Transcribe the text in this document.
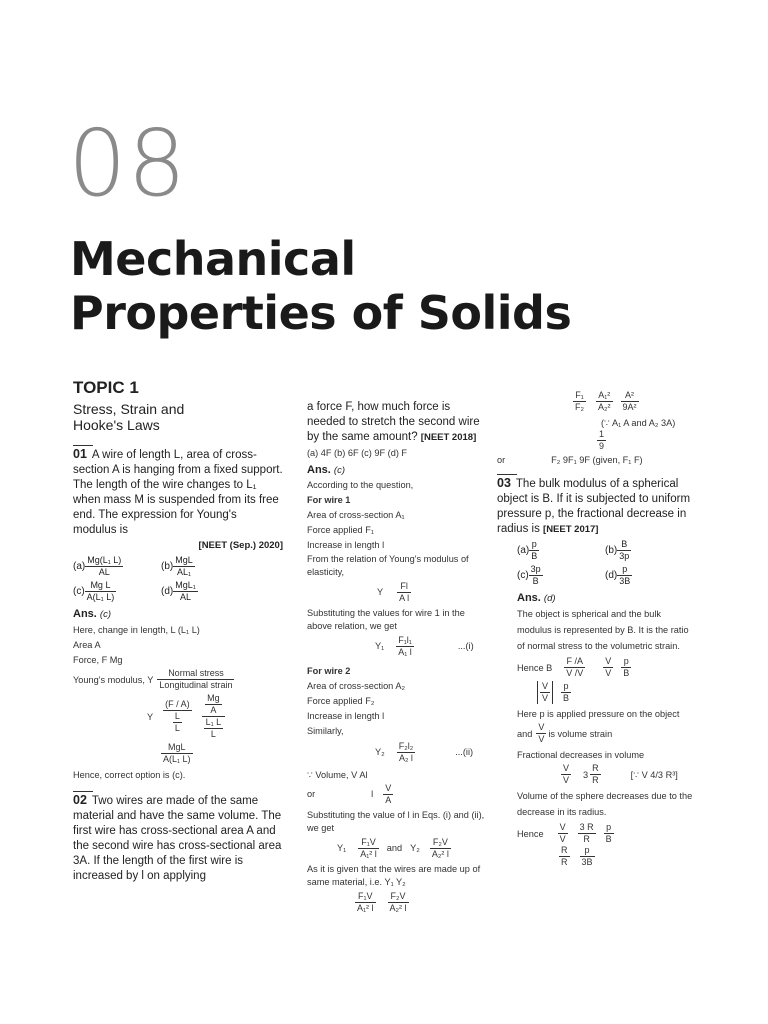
08
Mechanical
Properties of Solids
TOPIC 1
Stress, Strain and
Hooke's Laws
01 A wire of length L, area of cross-section A is hanging from a fixed support. The length of the wire changes to L₁ when mass M is suspended from its free end. The expression for Young's modulus is
[NEET (Sep.) 2020]
$(a) \frac{\text{Mg(L₁ L)}}{AL}$	$(b) \frac{\text{MgL}}{\text{AL₁}}$
$(c) \frac{\text{Mg L}}{\text{A(L₁ L)}}$	$(d) \frac{\text{MgL₁}}{AL}$
Ans. (c)
Here, change in length, L (L₁ L)
Area A
Force, F Mg
Young's modulus, Y $\frac{\text{Normal stress}}{\text{Longitudinal strain}}$
Y $\frac{(F / A)}{\frac{L}{L}} \frac{\frac{Mg}{A}}{\frac{\text{L₁ L}}{L}}$
$\frac{\text{MgL}}{\text{A(L₁ L)}}$
Hence, correct option is (c).
02 Two wires are made of the same material and have the same volume. The first wire has cross-sectional area A and the second wire has cross-sectional area 3A. If the length of the first wire is increased by l on applying
a force F, how much force is needed to stretch the second wire by the same amount? [NEET 2018]
(a) 4F (b) 6F (c) 9F (d) F
Ans. (c)
According to the question,
For wire 1
Area of cross-section A₁
Force applied F₁
Increase in length l
From the relation of Young's modulus of elasticity,
Y $\frac{Fl}{\text{A l}}$
Substituting the values for wire 1 in the above relation, we get
$Y_1 \frac{\text{F₁l₁}}{\text{A₁ l}}$	...(i)
For wire 2
Area of cross-section A₂
Force applied F₂
Increase in length l
Similarly,
$Y_2 \frac{\text{F₂l₂}}{\text{A₂ l}}$	...(ii)
∵ Volume, V Al
or	l $\frac{V}{A}$
Substituting the value of l in Eqs. (i) and (ii), we get
$Y_1 \frac{\text{F₁V}}{\text{A₁² l}}$ and $Y_2 \frac{\text{F₂V}}{\text{A₂² l}}$
As it is given that the wires are made up of same material, i.e. Y₁ Y₂
$\frac{\text{F₁V}}{\text{A₁² l}} \frac{\text{F₂V}}{\text{A₂² l}}$
$\frac{\text{F₁}}{\text{F₂}} \frac{\text{A₁²}}{\text{A₂²}} \frac{\text{A²}}{\text{9A²}}$
(∵ A₁ A and A₂ 3A)
$\frac{1}{9}$
or	F₂ 9F₁ 9F (given, F₁ F)
03 The bulk modulus of a spherical object is B. If it is subjected to uniform pressure p, the fractional decrease in radius is [NEET 2017]
$(a) \frac{p}{B}$	$(b) \frac{B}{3p}$
$(c) \frac{3p}{B}$	$(d) \frac{p}{3B}$
Ans. (d)
The object is spherical and the bulk modulus is represented by B. It is the ratio of normal stress to the volumetric strain.
Hence B $\frac{F /A}{V /V} \frac{V}{V} \frac{p}{B}$
$\frac{V}{V} \frac{p}{B}$
Here p is applied pressure on the object
and $\frac{V}{V}$ is volume strain
Fractional decreases in volume
$\frac{V}{V} 3 \frac{R}{R}$	[∵ V 4/3 R³]
Volume of the sphere decreases due to the decrease in its radius.
Hence $\frac{V}{V} \frac{3 R}{R} \frac{p}{B}$
$\frac{R}{R} \frac{p}{3B}$
